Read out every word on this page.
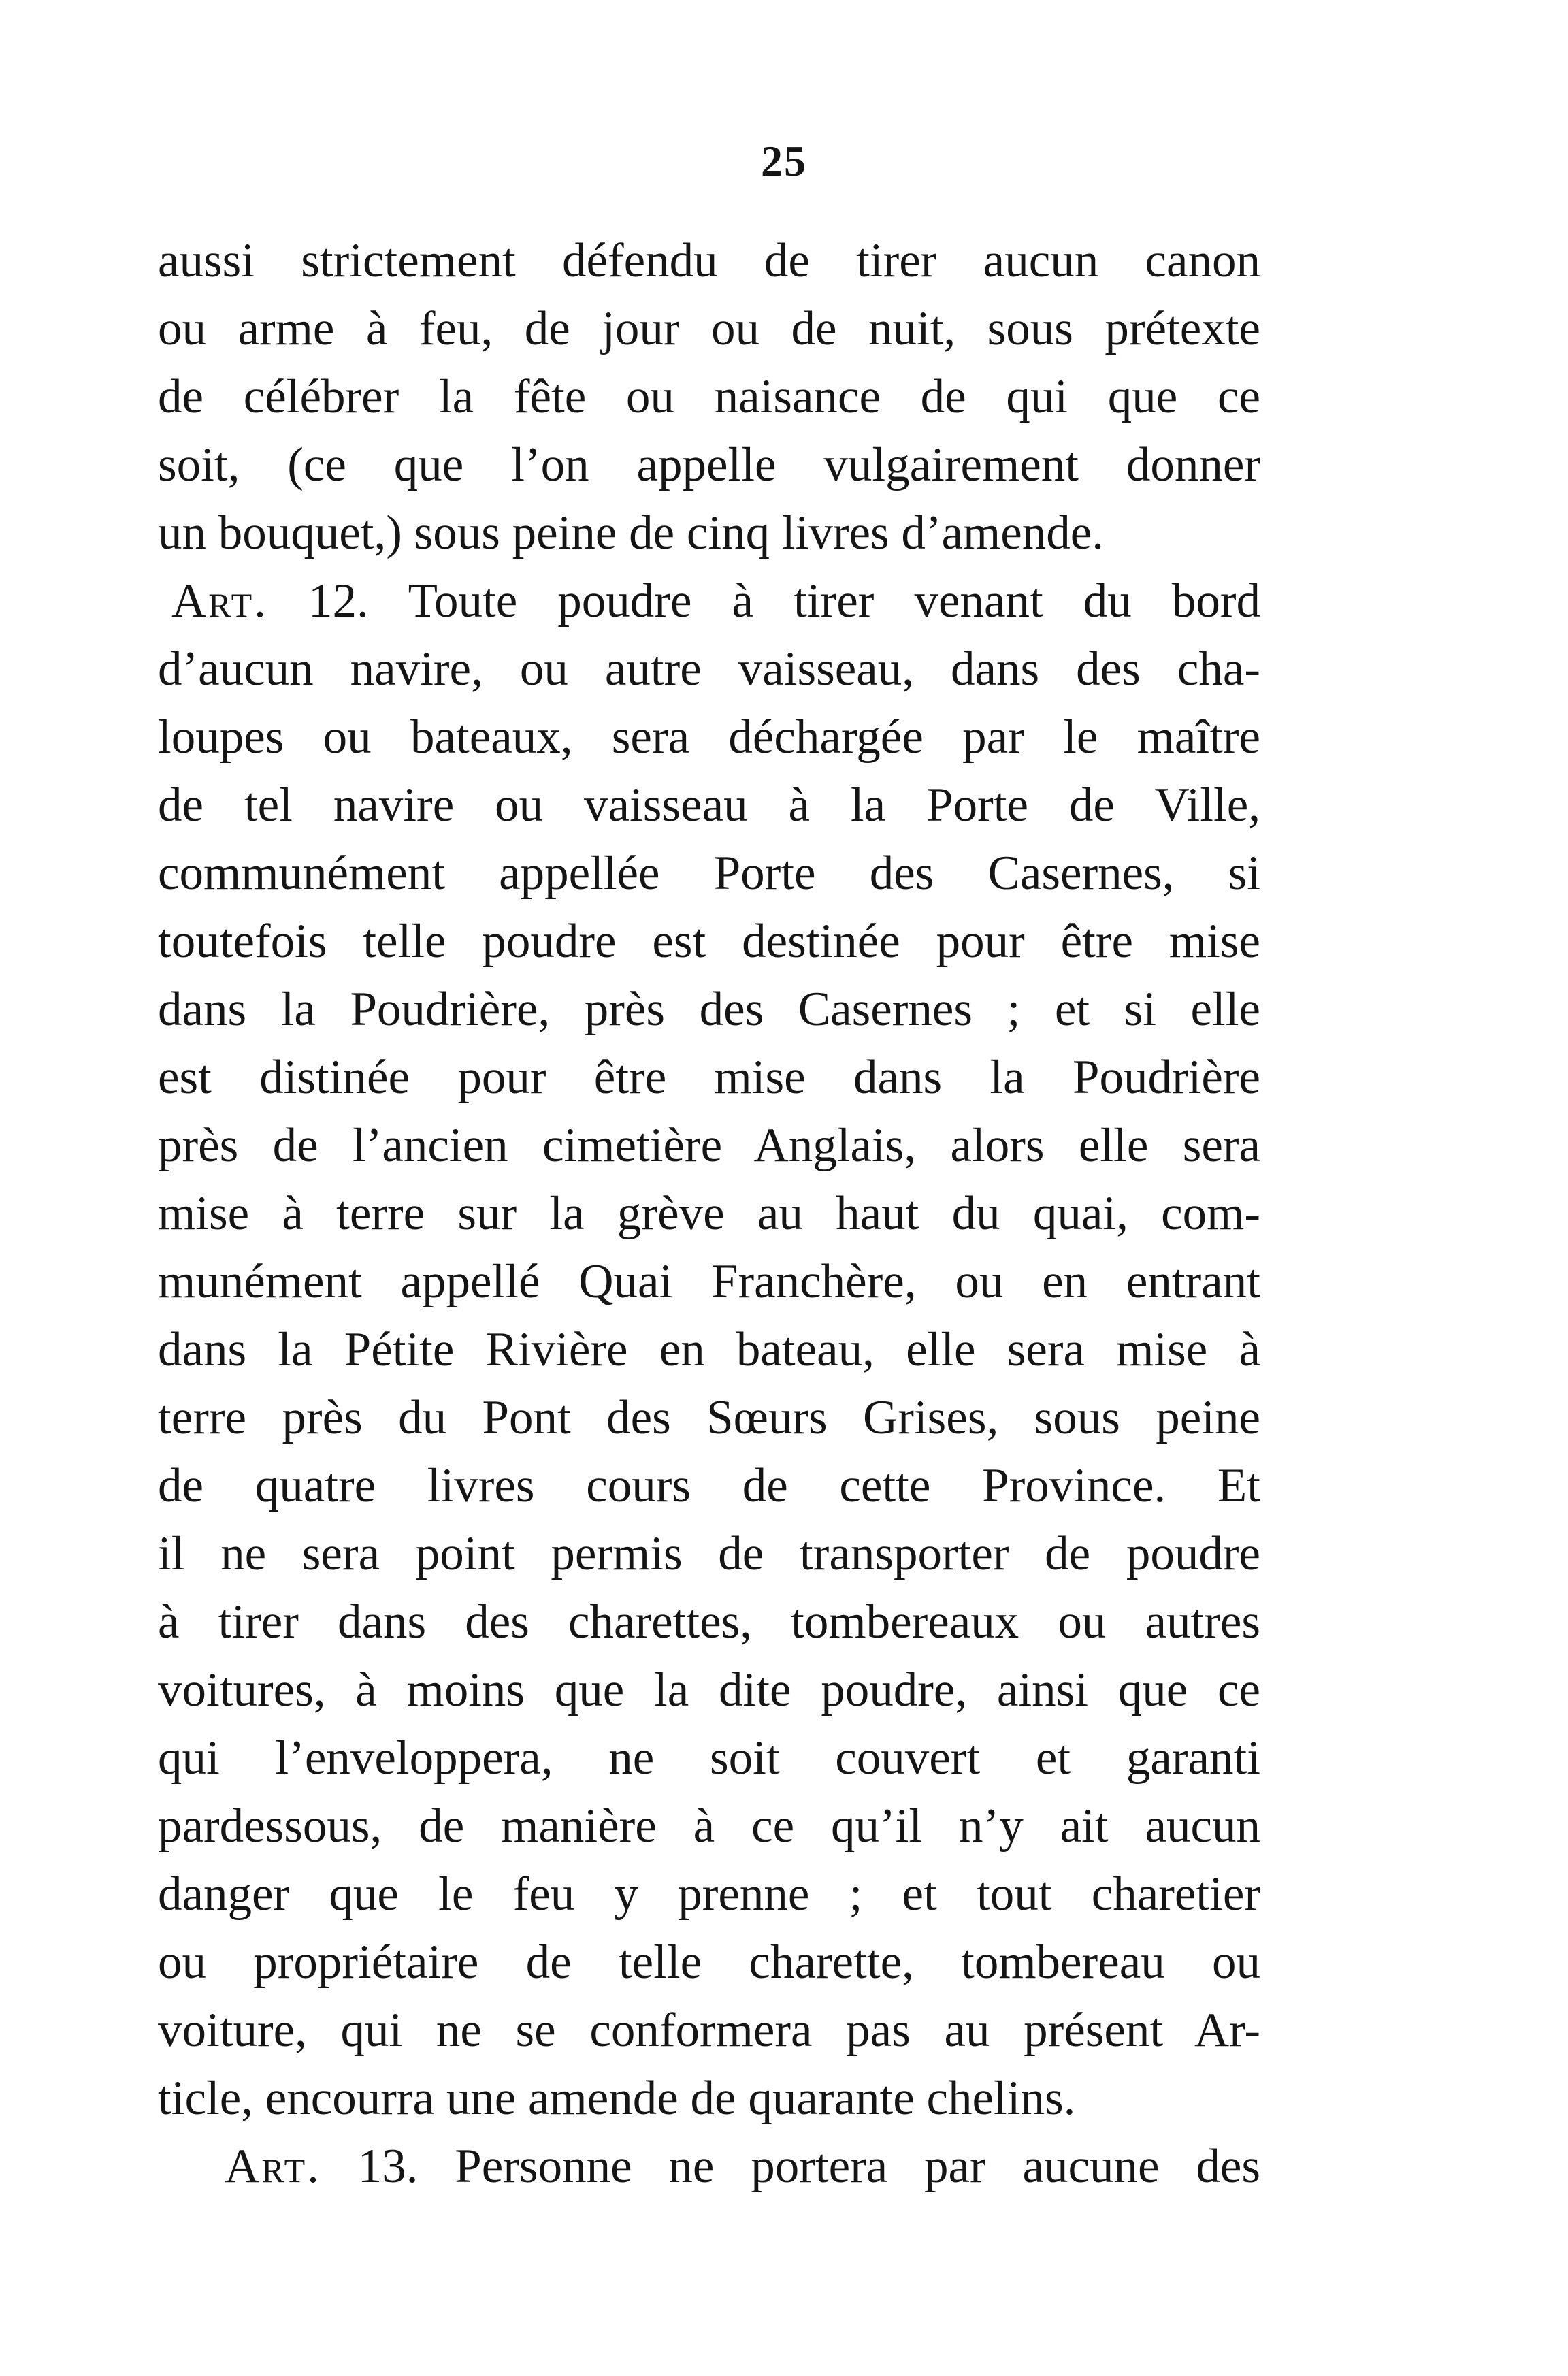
25
aussi strictement défendu de tirer aucun canon
ou arme à feu, de jour ou de nuit, sous prétexte
de célébrer la fête ou naisance de qui que ce
soit, (ce que l’on appelle vulgairement donner
un bouquet,) sous peine de cinq livres d’amende.
Art. 12. Toute poudre à tirer venant du bord
d’aucun navire, ou autre vaisseau, dans des cha-
loupes ou bateaux, sera déchargée par le maître
de tel navire ou vaisseau à la Porte de Ville,
communément appellée Porte des Casernes, si
toutefois telle poudre est destinée pour être mise
dans la Poudrière, près des Casernes ; et si elle
est distinée pour être mise dans la Poudrière
près de l’ancien cimetière Anglais, alors elle sera
mise à terre sur la grève au haut du quai, com-
munément appellé Quai Franchère, ou en entrant
dans la Pétite Rivière en bateau, elle sera mise à
terre près du Pont des Sœurs Grises, sous peine
de quatre livres cours de cette Province. Et
il ne sera point permis de transporter de poudre
à tirer dans des charettes, tombereaux ou autres
voitures, à moins que la dite poudre, ainsi que ce
qui l’enveloppera, ne soit couvert et garanti
pardessous, de manière à ce qu’il n’y ait aucun
danger que le feu y prenne ; et tout charetier
ou propriétaire de telle charette, tombereau ou
voiture, qui ne se conformera pas au présent Ar-
ticle, encourra une amende de quarante chelins.
Art. 13. Personne ne portera par aucune des
